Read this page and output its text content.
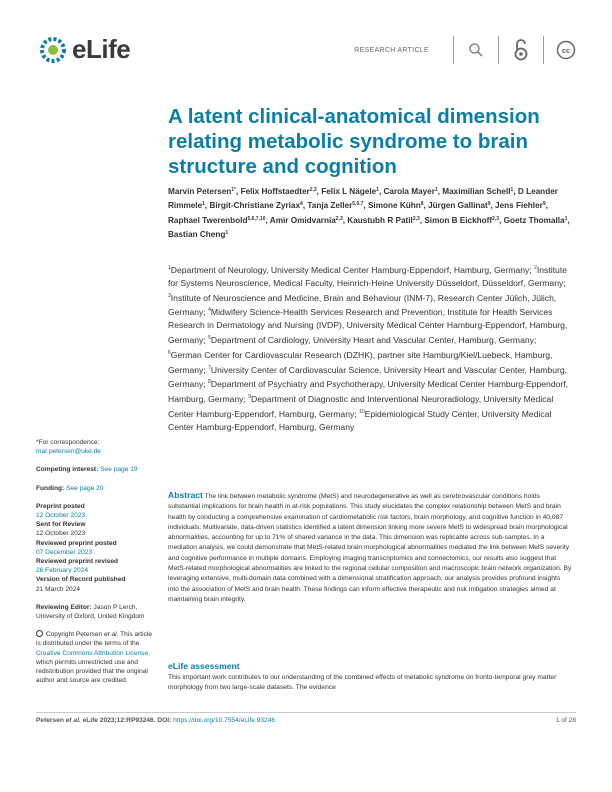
eLife	RESEARCH ARTICLE	cc
A latent clinical-anatomical dimension relating metabolic syndrome to brain structure and cognition
Marvin Petersen$^{1*}$, Felix Hoffstaedter$^{2,3}$, Felix L Nägele$^1$, Carola Mayer$^1$, Maximilian Schell$^1$, D Leander Rimmele$^1$, Birgit-Christiane Zyriax$^4$, Tanja Zeller$^{5,6,7}$, Simone Kühn$^8$, Jürgen Gallinat$^9$, Jens Fiehler$^9$, Raphael Twerenbold$^{5,6,7,10}$, Amir Omidvarnia$^{2,3}$, Kaustubh R Patil$^{2,3}$, Simon B Eickhoff$^{2,3}$, Goetz Thomalla$^1$, Bastian Cheng$^1$
$^1$Department of Neurology, University Medical Center Hamburg-Eppendorf, Hamburg, Germany; $^2$Institute for Systems Neuroscience, Medical Faculty, Heinrich-Heine University Düsseldorf, Düsseldorf, Germany; $^3$Institute of Neuroscience and Medicine, Brain and Behaviour (INM-7), Research Center Jülich, Jülich, Germany; $^4$Midwifery Science-Health Services Research and Prevention, Institute for Health Services Research in Dermatology and Nursing (IVDP), University Medical Center Hamburg-Eppendorf, Hamburg, Germany; $^5$Department of Cardiology, University Heart and Vascular Center, Hamburg, Germany; $^6$German Center for Cardiovascular Research (DZHK), partner site Hamburg/Kiel/Luebeck, Hamburg, Germany; $^7$University Center of Cardiovascular Science, University Heart and Vascular Center, Hamburg, Germany; $^8$Department of Psychiatry and Psychotherapy, University Medical Center Hamburg-Eppendorf, Hamburg, Germany; $^9$Department of Diagnostic and Interventional Neuroradiology, University Medical Center Hamburg-Eppendorf, Hamburg, Germany; $^{10}$Epidemiological Study Center, University Medical Center Hamburg-Eppendorf, Hamburg, Germany
*For correspondence:
mar.petersen@uke.de
Competing interest: See page 19
Funding: See page 20
Preprint posted
12 October 2023
Sent for Review
12 October 2023
Reviewed preprint posted
07 December 2023
Reviewed preprint revised
26 February 2024
Version of Record published
21 March 2024
Reviewing Editor: Jason P Lerch, University of Oxford, United Kingdom
Copyright Petersen et al. This article is distributed under the terms of the Creative Commons Attribution License, which permits unrestricted use and redistribution provided that the original author and source are credited.
Abstract The link between metabolic syndrome (MetS) and neurodegenerative as well as cerebrovascular conditions holds substantial implications for brain health in at-risk populations. This study elucidates the complex relationship between MetS and brain health by conducting a comprehensive examination of cardiometabolic risk factors, brain morphology, and cognitive function in 40,087 individuals. Multivariate, data-driven statistics identified a latent dimension linking more severe MetS to widespread brain morphological abnormalities, accounting for up to 71% of shared variance in the data. This dimension was replicable across sub-samples. In a mediation analysis, we could demonstrate that MetS-related brain morphological abnormalities mediated the link between MetS severity and cognitive performance in multiple domains. Employing imaging transcriptomics and connectomics, our results also suggest that MetS-related morphological abnormalities are linked to the regional cellular composition and macroscopic brain network organization. By leveraging extensive, multi-domain data combined with a dimensional stratification approach, our analysis provides profound insights into the association of MetS and brain health. These findings can inform effective therapeutic and risk mitigation strategies aimed at maintaining brain integrity.
eLife assessment
This important work contributes to our understanding of the combined effects of metabolic syndrome on fronto-temporal grey matter morphology from two large-scale datasets. The evidence
Petersen et al. eLife 2023;12:RP93246. DOI: https://doi.org/10.7554/eLife.93246	1 of 28
